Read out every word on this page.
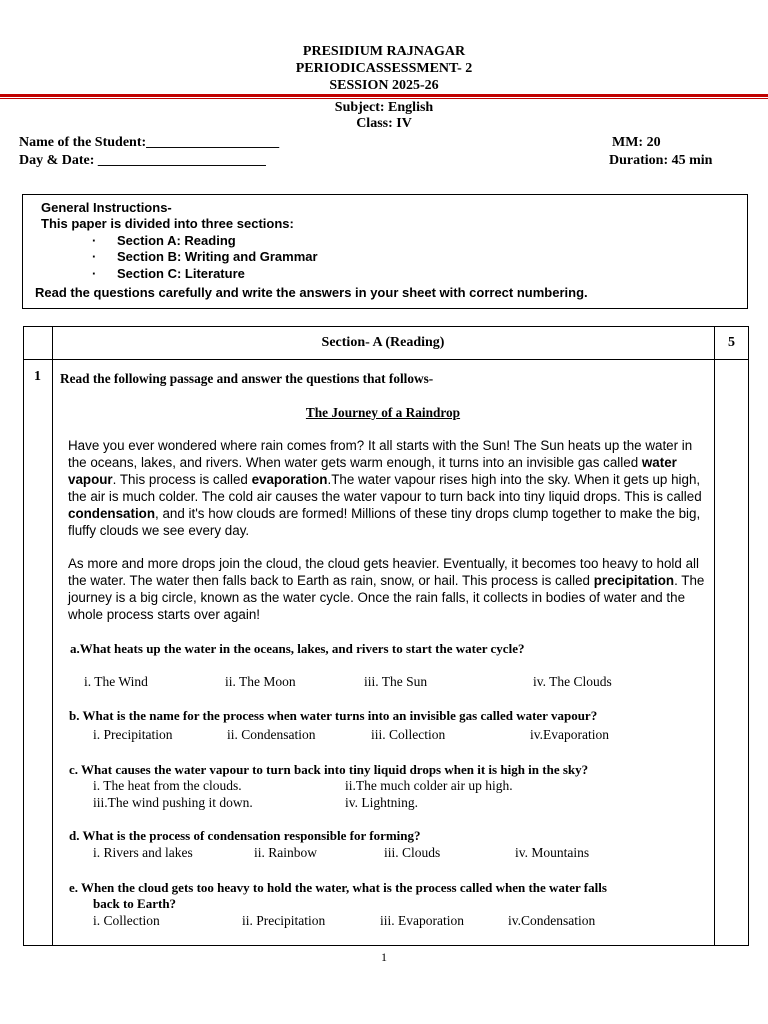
PRESIDIUM RAJNAGAR
PERIODICASSESSMENT- 2
SESSION 2025-26
Subject: English
Class: IV
Name of the Student:___________________
Day & Date: ________________________
MM: 20
Duration: 45 min
General Instructions-
This paper is divided into three sections:
· Section A: Reading
· Section B: Writing and Grammar
· Section C: Literature
Read the questions carefully and write the answers in your sheet with correct numbering.
Section- A (Reading)	5
1	Read the following passage and answer the questions that follows-
The Journey of a Raindrop
Have you ever wondered where rain comes from? It all starts with the Sun! The Sun heats up the water in the oceans, lakes, and rivers. When water gets warm enough, it turns into an invisible gas called water vapour. This process is called evaporation.The water vapour rises high into the sky. When it gets up high, the air is much colder. The cold air causes the water vapour to turn back into tiny liquid drops. This is called condensation, and it's how clouds are formed! Millions of these tiny drops clump together to make the big, fluffy clouds we see every day.
As more and more drops join the cloud, the cloud gets heavier. Eventually, it becomes too heavy to hold all the water. The water then falls back to Earth as rain, snow, or hail. This process is called precipitation. The journey is a big circle, known as the water cycle. Once the rain falls, it collects in bodies of water and the whole process starts over again!
a.What heats up the water in the oceans, lakes, and rivers to start the water cycle?
i. The Wind	ii. The Moon	iii. The Sun	iv. The Clouds
b. What is the name for the process when water turns into an invisible gas called water vapour?
i. Precipitation	ii. Condensation	iii. Collection	iv.Evaporation
c. What causes the water vapour to turn back into tiny liquid drops when it is high in the sky?
i. The heat from the clouds.	ii.The much colder air up high.
iii.The wind pushing it down.	iv. Lightning.
d. What is the process of condensation responsible for forming?
i. Rivers and lakes	ii. Rainbow	iii. Clouds	iv. Mountains
e. When the cloud gets too heavy to hold the water, what is the process called when the water falls
back to Earth?
i. Collection	ii. Precipitation	iii. Evaporation	iv.Condensation
1
